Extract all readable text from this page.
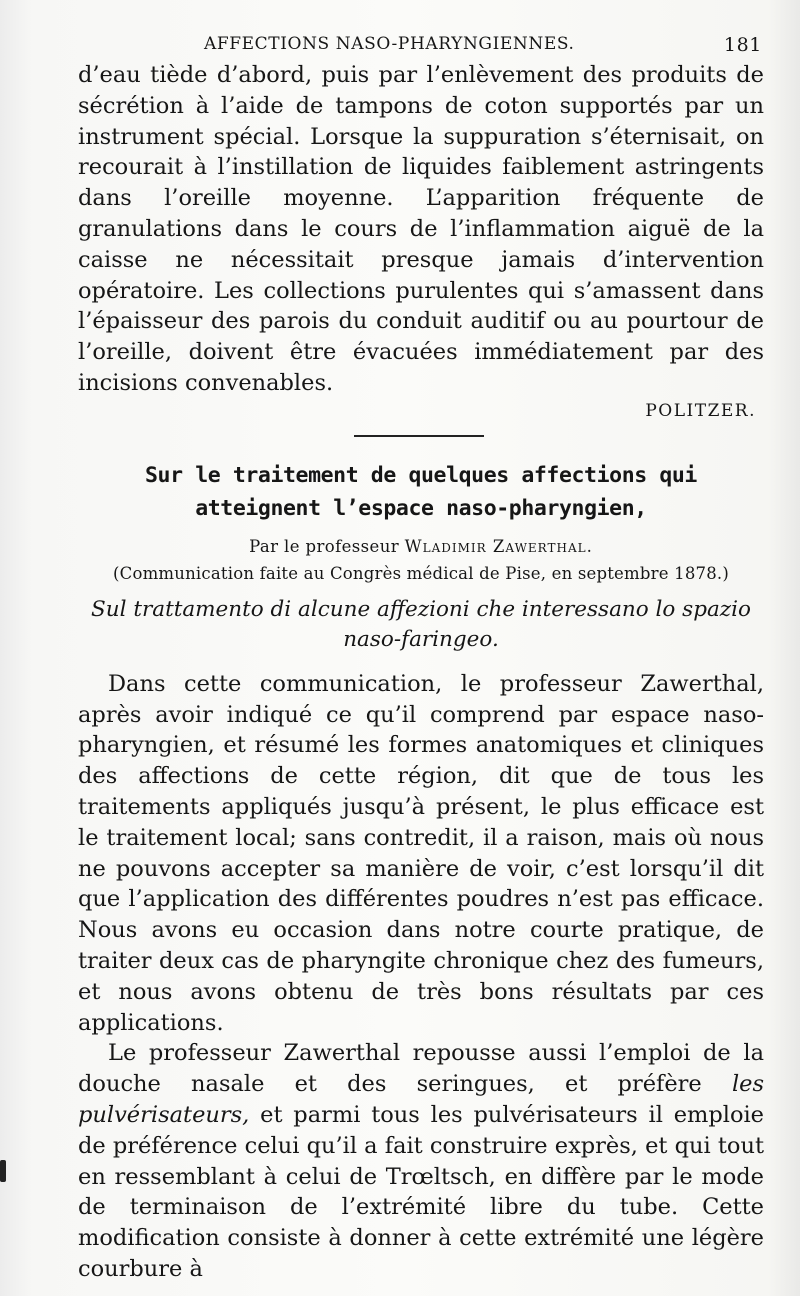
AFFECTIONS NASO-PHARYNGIENNES.	181

d’eau tiède d’abord, puis par l’enlèvement des produits de sécrétion à l’aide de tampons de coton supportés par un instrument spécial. Lorsque la suppuration s’éternisait, on recourait à l’instillation de liquides faiblement astringents dans l’oreille moyenne. L’apparition fréquente de granulations dans le cours de l’inflammation aiguë de la caisse ne nécessitait presque jamais d’intervention opératoire. Les collections purulentes qui s’amassent dans l’épaisseur des parois du conduit auditif ou au pourtour de l’oreille, doivent être évacuées immédiatement par des incisions convenables.

POLITZER.

Sur le traitement de quelques affections qui atteignent l’espace naso-pharyngien,

Par le professeur Wladimir Zawerthal.

(Communication faite au Congrès médical de Pise, en septembre 1878.)

Sul trattamento di alcune affezioni che interessano lo spazio naso-faringeo.

Dans cette communication, le professeur Zawerthal, après avoir indiqué ce qu’il comprend par espace naso-pharyngien, et résumé les formes anatomiques et cliniques des affections de cette région, dit que de tous les traitements appliqués jusqu’à présent, le plus efficace est le traitement local; sans contredit, il a raison, mais où nous ne pouvons accepter sa manière de voir, c’est lorsqu’il dit que l’application des différentes poudres n’est pas efficace. Nous avons eu occasion dans notre courte pratique, de traiter deux cas de pharyngite chronique chez des fumeurs, et nous avons obtenu de très bons résultats par ces applications.

Le professeur Zawerthal repousse aussi l’emploi de la douche nasale et des seringues, et préfère les pulvérisateurs, et parmi tous les pulvérisateurs il emploie de préférence celui qu’il a fait construire exprès, et qui tout en ressemblant à celui de Trœltsch, en diffère par le mode de terminaison de l’extrémité libre du tube. Cette modification consiste à donner à cette extrémité une légère courbure à
